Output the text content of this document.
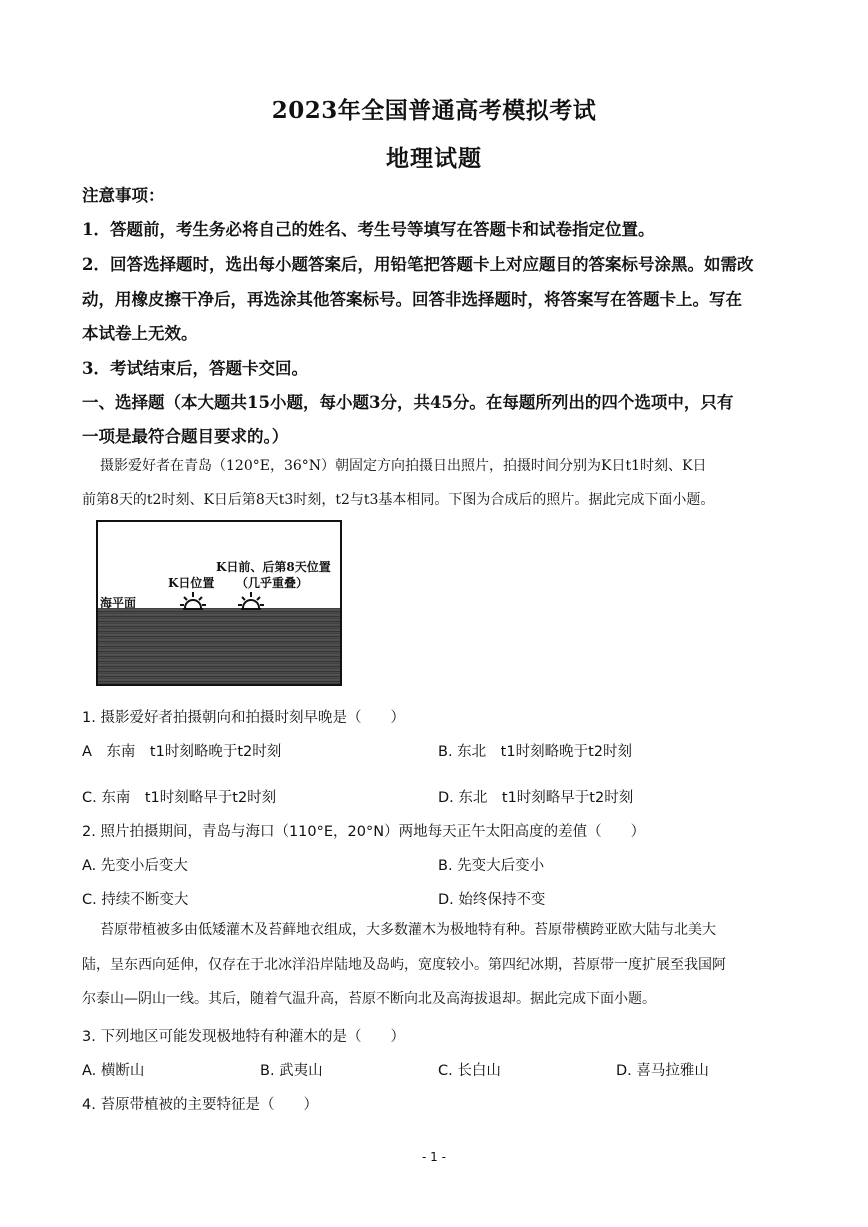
2023年全国普通高考模拟考试
地理试题
注意事项：
1．答题前，考生务必将自己的姓名、考生号等填写在答题卡和试卷指定位置。
2．回答选择题时，选出每小题答案后，用铅笔把答题卡上对应题目的答案标号涂黑。如需改
动，用橡皮擦干净后，再选涂其他答案标号。回答非选择题时，将答案写在答题卡上。写在
本试卷上无效。
3．考试结束后，答题卡交回。
一、选择题（本大题共15小题，每小题3分，共45分。在每题所列出的四个选项中，只有
一项是最符合题目要求的。）
摄影爱好者在青岛（120°E，36°N）朝固定方向拍摄日出照片，拍摄时间分别为K日t1时刻、K日
前第8天的t2时刻、K日后第8天t3时刻，t2与t3基本相同。下图为合成后的照片。据此完成下面小题。
K日前、后第8天位置
K日位置 （几乎重叠）
海平面
1. 摄影爱好者拍摄朝向和拍摄时刻早晚是（　　）
A　东南　t1时刻略晚于t2时刻	B. 东北　t1时刻略晚于t2时刻
C. 东南　t1时刻略早于t2时刻	D. 东北　t1时刻略早于t2时刻
2. 照片拍摄期间，青岛与海口（110°E，20°N）两地每天正午太阳高度的差值（　　）
A. 先变小后变大	B. 先变大后变小
C. 持续不断变大	D. 始终保持不变
苔原带植被多由低矮灌木及苔藓地衣组成，大多数灌木为极地特有种。苔原带横跨亚欧大陆与北美大
陆，呈东西向延伸，仅存在于北冰洋沿岸陆地及岛屿，宽度较小。第四纪冰期，苔原带一度扩展至我国阿
尔泰山—阴山一线。其后，随着气温升高，苔原不断向北及高海拔退却。据此完成下面小题。
3. 下列地区可能发现极地特有种灌木的是（　　）
A. 横断山	B. 武夷山	C. 长白山	D. 喜马拉雅山
4. 苔原带植被的主要特征是（　　）
- 1 -
